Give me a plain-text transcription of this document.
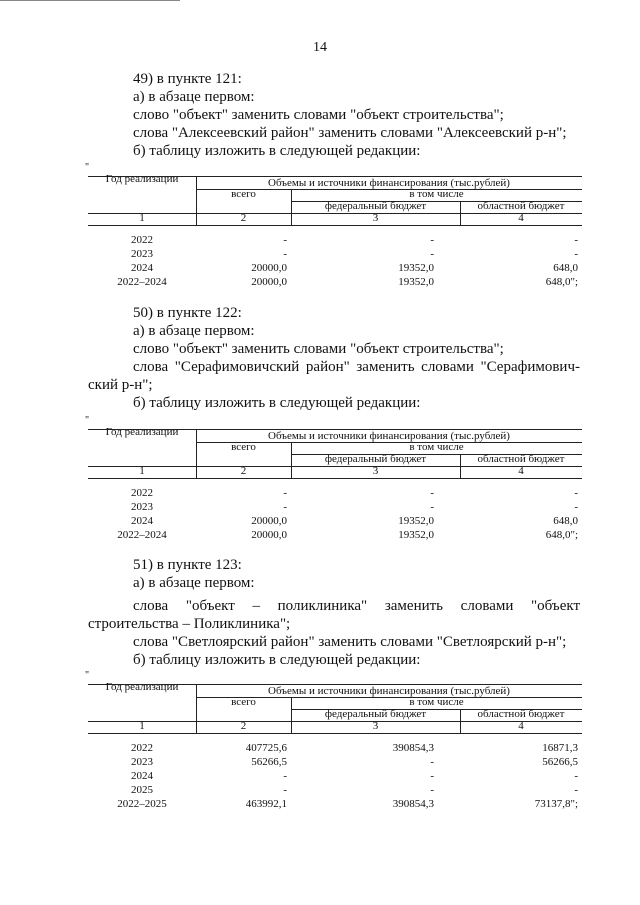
14
49) в пункте 121:
а) в абзаце первом:
слово "объект" заменить словами "объект строительства";
слова "Алексеевский район" заменить словами "Алексеевский р-н";
б) таблицу изложить в следующей редакции:
"
Год реализации	Объемы и источники финансирования (тыс.рублей)
всего	в том числе
федеральный бюджет	областной бюджет
1	2	3	4
2022	-	-	-
2023	-	-	-
2024	20000,0	19352,0	648,0
2022–2024	20000,0	19352,0	648,0";
50) в пункте 122:
а) в абзаце первом:
слово "объект" заменить словами "объект строительства";
слова "Серафимовичский район" заменить словами "Серафимович-
ский р-н";
б) таблицу изложить в следующей редакции:
"
Год реализации	Объемы и источники финансирования (тыс.рублей)
всего	в том числе
федеральный бюджет	областной бюджет
1	2	3	4
2022	-	-	-
2023	-	-	-
2024	20000,0	19352,0	648,0
2022–2024	20000,0	19352,0	648,0";
51) в пункте 123:
а) в абзаце первом:
слова "объект – поликлиника" заменить словами "объект
строительства – Поликлиника";
слова "Светлоярский район" заменить словами "Светлоярский р-н";
б) таблицу изложить в следующей редакции:
"
Год реализации	Объемы и источники финансирования (тыс.рублей)
всего	в том числе
федеральный бюджет	областной бюджет
1	2	3	4
2022	407725,6	390854,3	16871,3
2023	56266,5	-	56266,5
2024	-	-	-
2025	-	-	-
2022–2025	463992,1	390854,3	73137,8";
